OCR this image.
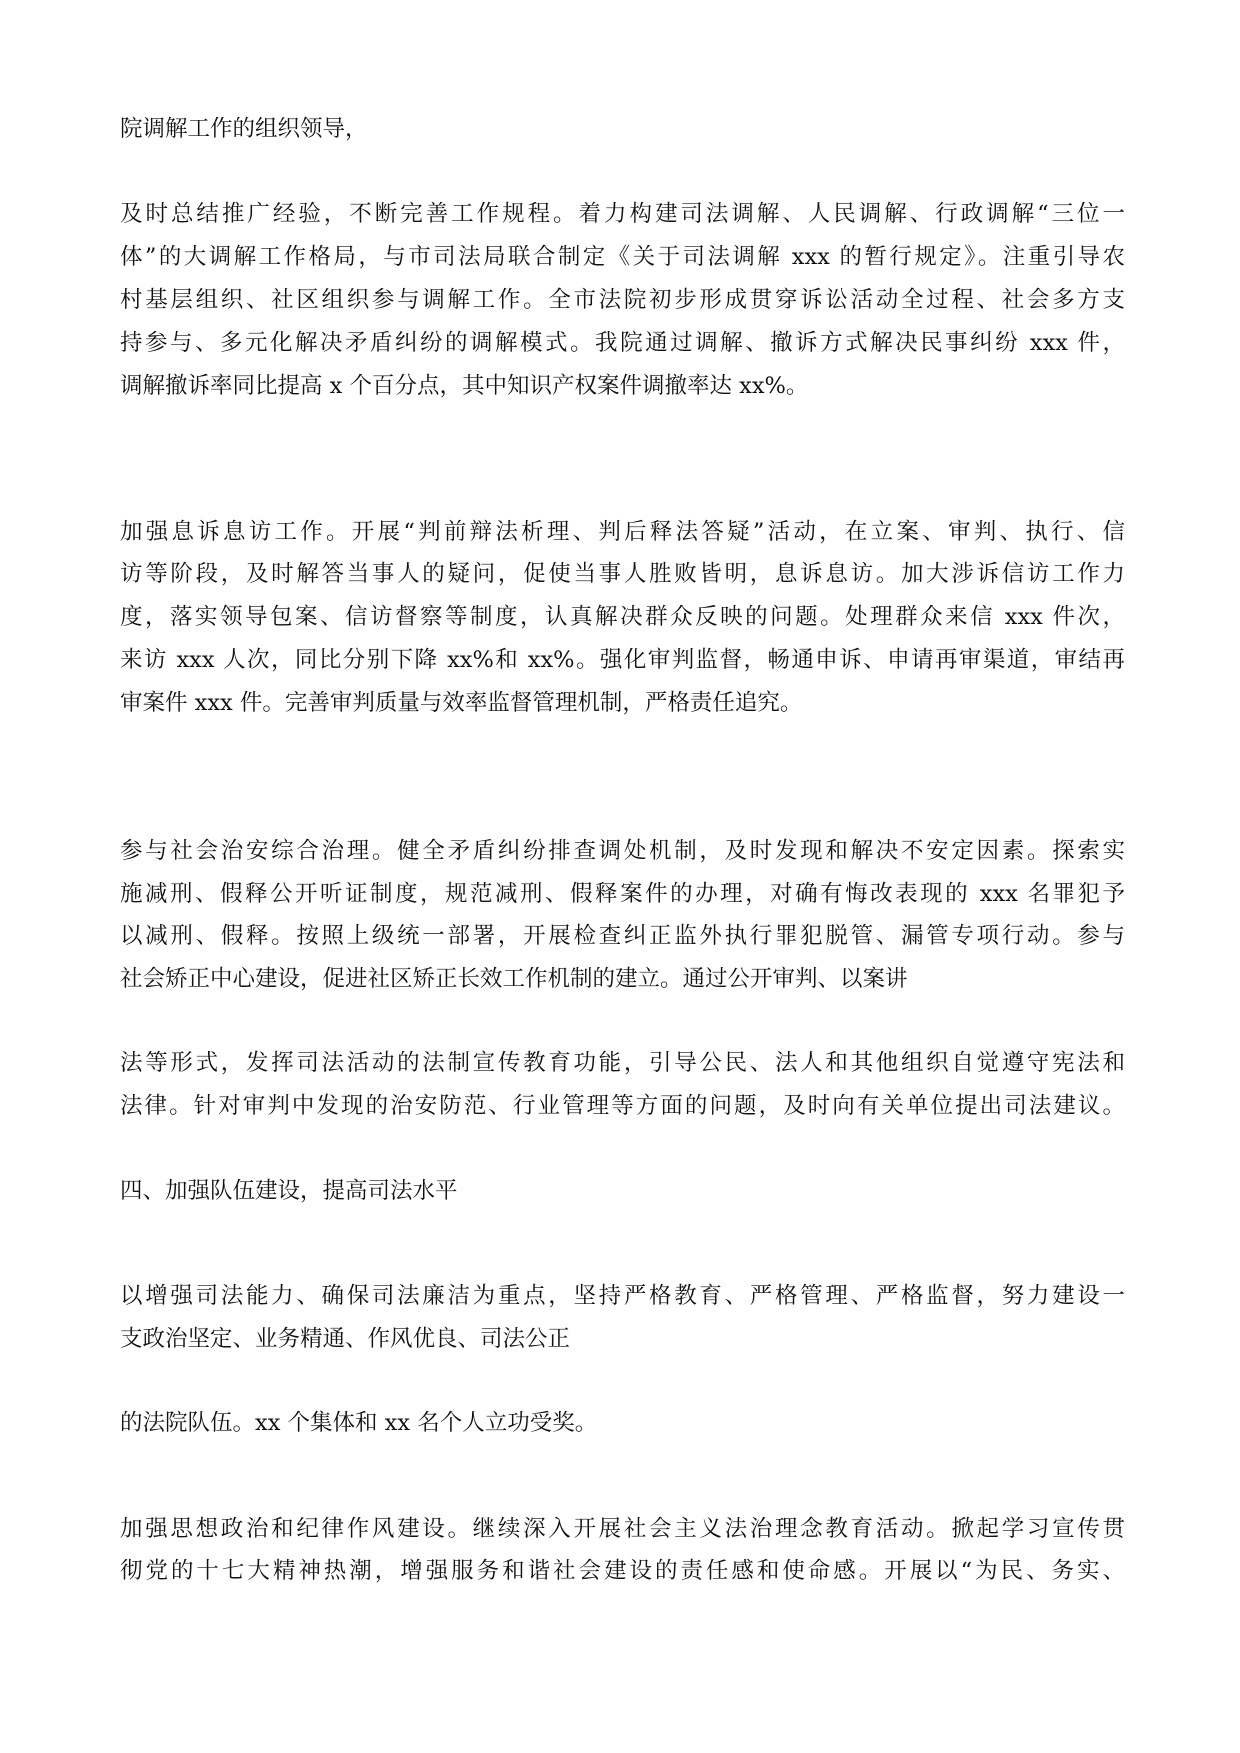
院调解工作的组织领导，
及时总结推广经验，不断完善工作规程。着力构建司法调解、人民调解、行政调解“三位一
体”的大调解工作格局，与市司法局联合制定《关于司法调解 xxx 的暂行规定》。注重引导农
村基层组织、社区组织参与调解工作。全市法院初步形成贯穿诉讼活动全过程、社会多方支
持参与、多元化解决矛盾纠纷的调解模式。我院通过调解、撤诉方式解决民事纠纷 xxx 件，
调解撤诉率同比提高 x 个百分点，其中知识产权案件调撤率达 xx%。
加强息诉息访工作。开展“判前辩法析理、判后释法答疑”活动，在立案、审判、执行、信
访等阶段，及时解答当事人的疑问，促使当事人胜败皆明，息诉息访。加大涉诉信访工作力
度，落实领导包案、信访督察等制度，认真解决群众反映的问题。处理群众来信 xxx 件次，
来访 xxx 人次，同比分别下降 xx%和 xx%。强化审判监督，畅通申诉、申请再审渠道，审结再
审案件 xxx 件。完善审判质量与效率监督管理机制，严格责任追究。
参与社会治安综合治理。健全矛盾纠纷排查调处机制，及时发现和解决不安定因素。探索实
施减刑、假释公开听证制度，规范减刑、假释案件的办理，对确有悔改表现的 xxx 名罪犯予
以减刑、假释。按照上级统一部署，开展检查纠正监外执行罪犯脱管、漏管专项行动。参与
社会矫正中心建设，促进社区矫正长效工作机制的建立。通过公开审判、以案讲
法等形式，发挥司法活动的法制宣传教育功能，引导公民、法人和其他组织自觉遵守宪法和
法律。针对审判中发现的治安防范、行业管理等方面的问题，及时向有关单位提出司法建议。
四、加强队伍建设，提高司法水平
以增强司法能力、确保司法廉洁为重点，坚持严格教育、严格管理、严格监督，努力建设一
支政治坚定、业务精通、作风优良、司法公正
的法院队伍。xx 个集体和 xx 名个人立功受奖。
加强思想政治和纪律作风建设。继续深入开展社会主义法治理念教育活动。掀起学习宣传贯
彻党的十七大精神热潮，增强服务和谐社会建设的责任感和使命感。开展以“为民、务实、
